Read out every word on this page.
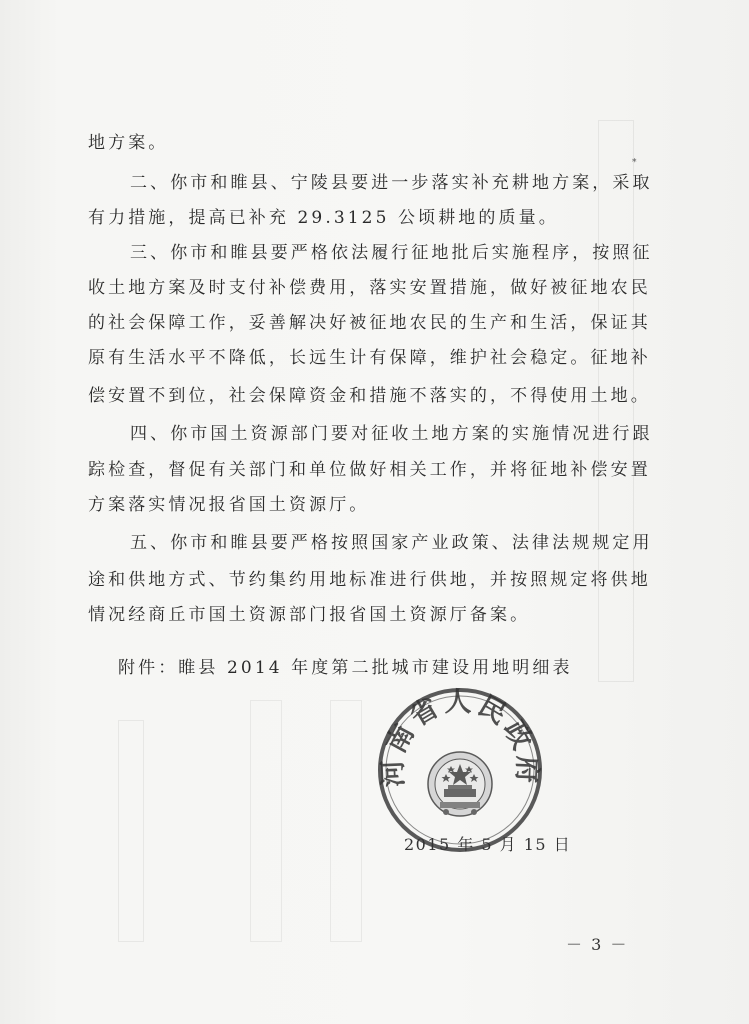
地方案。
二、你市和睢县、宁陵县要进一步落实补充耕地方案，采取
有力措施，提高已补充 29.3125 公顷耕地的质量。
三、你市和睢县要严格依法履行征地批后实施程序，按照征
收土地方案及时支付补偿费用，落实安置措施，做好被征地农民
的社会保障工作，妥善解决好被征地农民的生产和生活，保证其
原有生活水平不降低，长远生计有保障，维护社会稳定。征地补
偿安置不到位，社会保障资金和措施不落实的，不得使用土地。
四、你市国土资源部门要对征收土地方案的实施情况进行跟
踪检查，督促有关部门和单位做好相关工作，并将征地补偿安置
方案落实情况报省国土资源厅。
五、你市和睢县要严格按照国家产业政策、法律法规规定用
途和供地方式、节约集约用地标准进行供地，并按照规定将供地
情况经商丘市国土资源部门报省国土资源厅备案。
附件：睢县 2014 年度第二批城市建设用地明细表
*
河南省人民政府
2015 年 5 月 15 日
－ 3 －
